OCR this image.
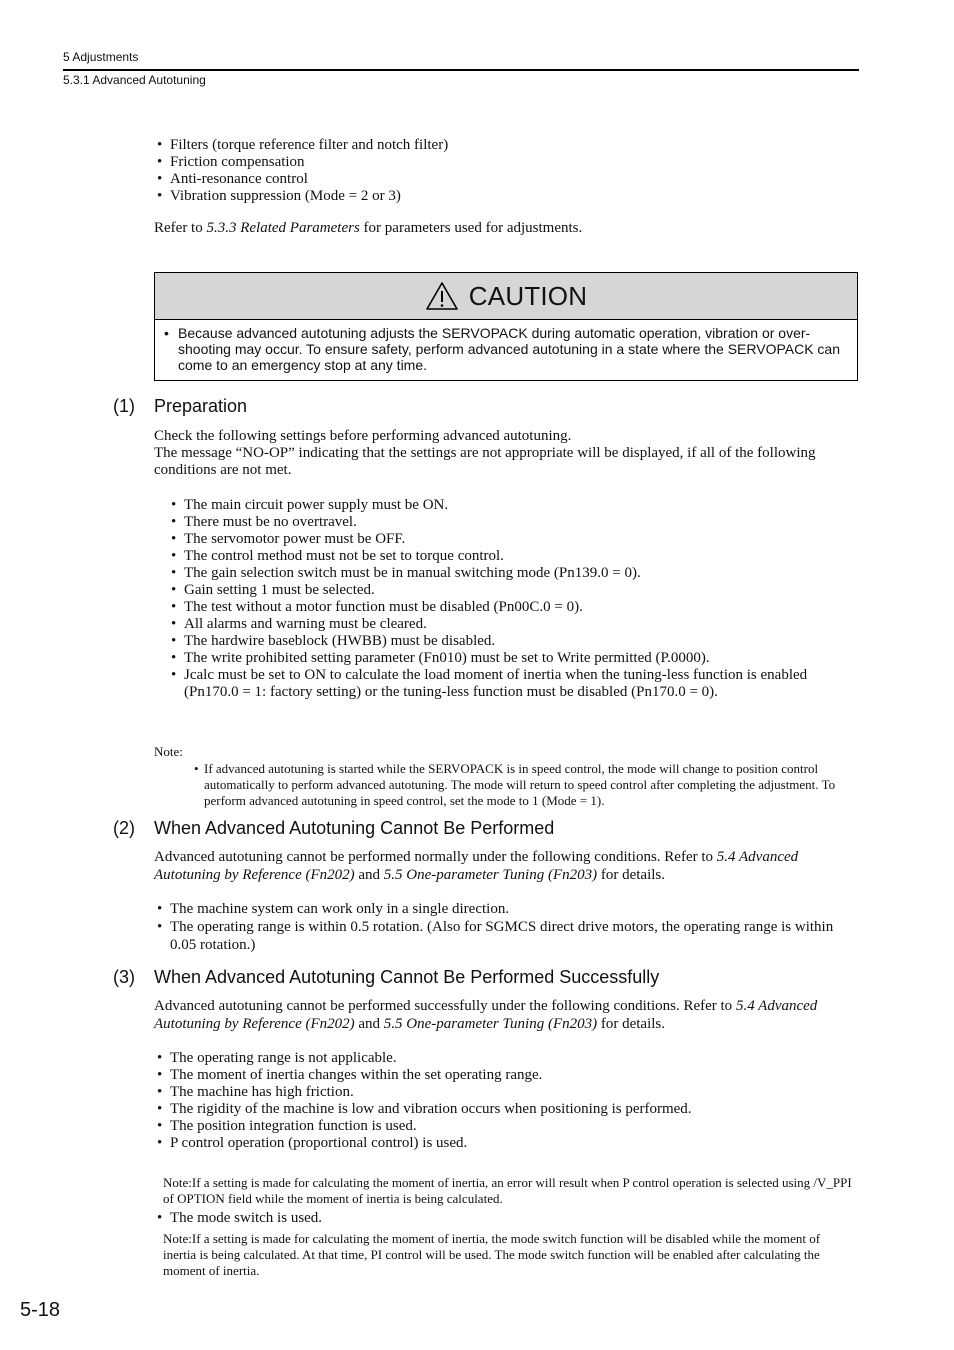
5 Adjustments
5.3.1 Advanced Autotuning
• Filters (torque reference filter and notch filter)
• Friction compensation
• Anti-resonance control
• Vibration suppression (Mode = 2 or 3)
Refer to 5.3.3 Related Parameters for parameters used for adjustments.
CAUTION
• Because advanced autotuning adjusts the SERVOPACK during automatic operation, vibration or over-shooting may occur. To ensure safety, perform advanced autotuning in a state where the SERVOPACK can come to an emergency stop at any time.
(1) Preparation
Check the following settings before performing advanced autotuning.
The message “NO-OP” indicating that the settings are not appropriate will be displayed, if all of the following conditions are not met.
• The main circuit power supply must be ON.
• There must be no overtravel.
• The servomotor power must be OFF.
• The control method must not be set to torque control.
• The gain selection switch must be in manual switching mode (Pn139.0 = 0).
• Gain setting 1 must be selected.
• The test without a motor function must be disabled (Pn00C.0 = 0).
• All alarms and warning must be cleared.
• The hardwire baseblock (HWBB) must be disabled.
• The write prohibited setting parameter (Fn010) must be set to Write permitted (P.0000).
• Jcalc must be set to ON to calculate the load moment of inertia when the tuning-less function is enabled (Pn170.0 = 1: factory setting) or the tuning-less function must be disabled (Pn170.0 = 0).
Note:
• If advanced autotuning is started while the SERVOPACK is in speed control, the mode will change to position control automatically to perform advanced autotuning. The mode will return to speed control after completing the adjustment. To perform advanced autotuning in speed control, set the mode to 1 (Mode = 1).
(2) When Advanced Autotuning Cannot Be Performed
Advanced autotuning cannot be performed normally under the following conditions. Refer to 5.4 Advanced Autotuning by Reference (Fn202) and 5.5 One-parameter Tuning (Fn203) for details.
• The machine system can work only in a single direction.
• The operating range is within 0.5 rotation. (Also for SGMCS direct drive motors, the operating range is within 0.05 rotation.)
(3) When Advanced Autotuning Cannot Be Performed Successfully
Advanced autotuning cannot be performed successfully under the following conditions. Refer to 5.4 Advanced Autotuning by Reference (Fn202) and 5.5 One-parameter Tuning (Fn203) for details.
• The operating range is not applicable.
• The moment of inertia changes within the set operating range.
• The machine has high friction.
• The rigidity of the machine is low and vibration occurs when positioning is performed.
• The position integration function is used.
• P control operation (proportional control) is used.
Note:If a setting is made for calculating the moment of inertia, an error will result when P control operation is selected using /V_PPI of OPTION field while the moment of inertia is being calculated.
• The mode switch is used.
Note:If a setting is made for calculating the moment of inertia, the mode switch function will be disabled while the moment of inertia is being calculated. At that time, PI control will be used. The mode switch function will be enabled after calculating the moment of inertia.
5-18
